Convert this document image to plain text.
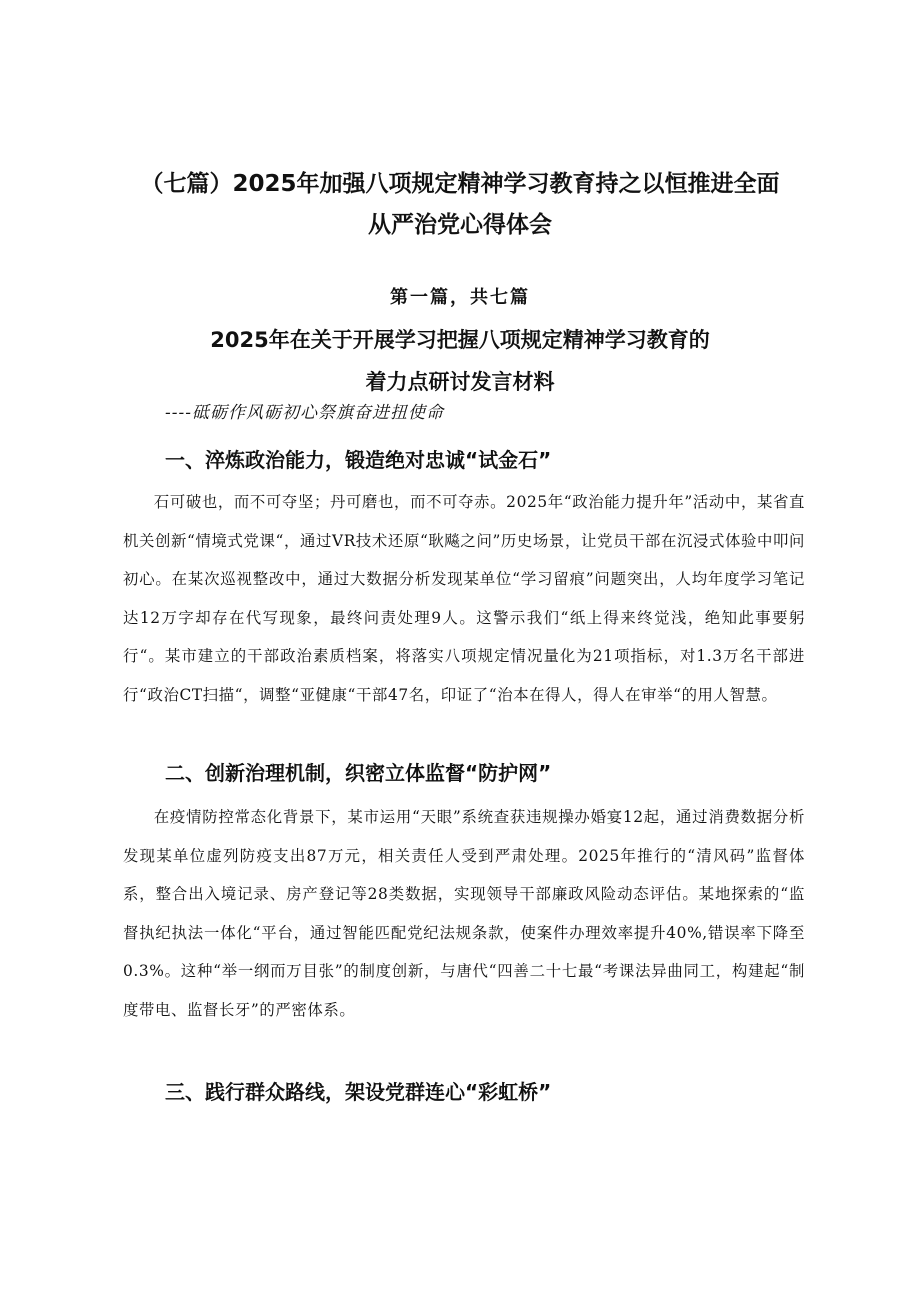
（七篇）2025年加强八项规定精神学习教育持之以恒推进全面
从严治党心得体会
第一篇，共七篇
2025年在关于开展学习把握八项规定精神学习教育的
着力点研讨发言材料
----砥砺作风砺初心祭旗奋进扭使命
一、淬炼政治能力，锻造绝对忠诚“试金石”
石可破也，而不可夺坚；丹可磨也，而不可夺赤。2025年“政治能力提升年”活动中，某省直机关创新“情境式党课“，通过VR技术还原“耿飚之问”历史场景，让党员干部在沉浸式体验中叩问初心。在某次巡视整改中，通过大数据分析发现某单位“学习留痕”问题突出，人均年度学习笔记达12万字却存在代写现象，最终问责处理9人。这警示我们“纸上得来终觉浅，绝知此事要躬行“。某市建立的干部政治素质档案，将落实八项规定情况量化为21项指标，对1.3万名干部进行“政治CT扫描“，调整“亚健康“干部47名，印证了“治本在得人，得人在审举“的用人智慧。
二、创新治理机制，织密立体监督“防护网”
在疫情防控常态化背景下，某市运用“天眼”系统查获违规操办婚宴12起，通过消费数据分析发现某单位虚列防疫支出87万元，相关责任人受到严肃处理。2025年推行的“清风码”监督体系，整合出入境记录、房产登记等28类数据，实现领导干部廉政风险动态评估。某地探索的“监督执纪执法一体化“平台，通过智能匹配党纪法规条款，使案件办理效率提升40%,错误率下降至0.3%。这种“举一纲而万目张”的制度创新，与唐代“四善二十七最“考课法异曲同工，构建起“制度带电、监督长牙”的严密体系。
三、践行群众路线，架设党群连心“彩虹桥”
